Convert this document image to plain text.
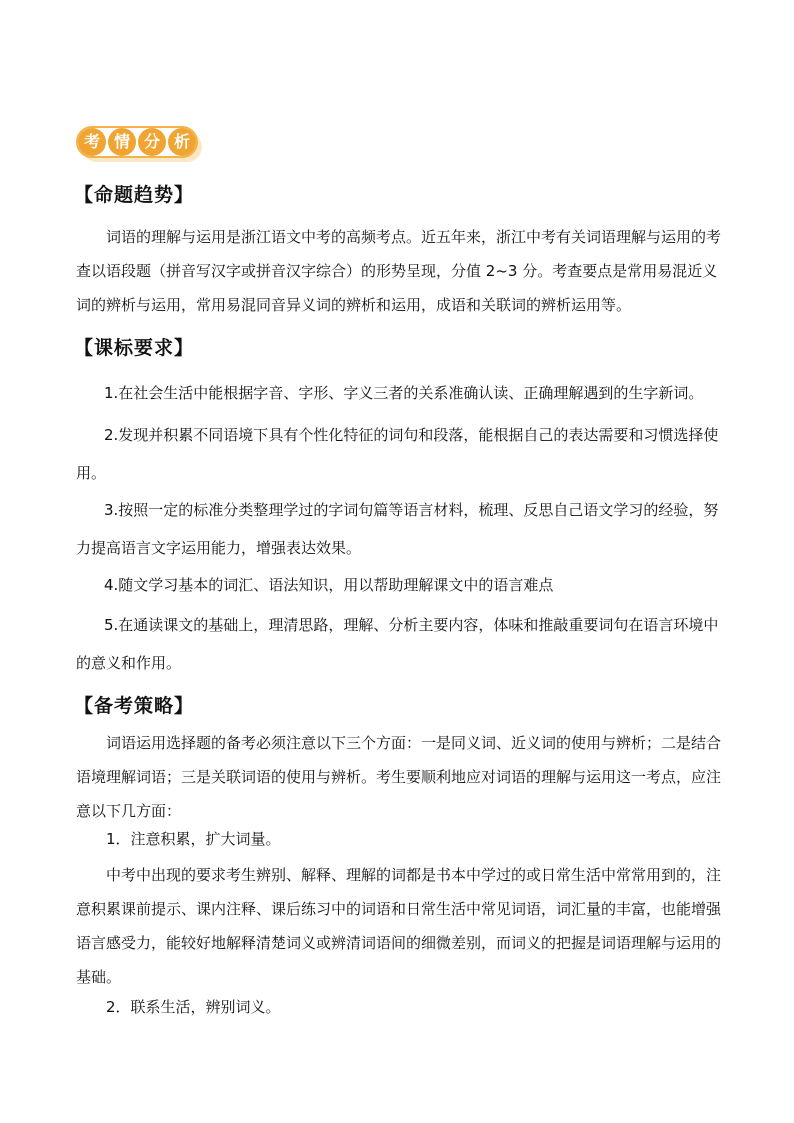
考 情 分 析
【命题趋势】
词语的理解与运用是浙江语文中考的高频考点。近五年来，浙江中考有关词语理解与运用的考查以语段题（拼音写汉字或拼音汉字综合）的形势呈现，分值 2~3 分。考查要点是常用易混近义词的辨析与运用，常用易混同音异义词的辨析和运用，成语和关联词的辨析运用等。
【课标要求】
1.在社会生活中能根据字音、字形、字义三者的关系准确认读、正确理解遇到的生字新词。
2.发现并积累不同语境下具有个性化特征的词句和段落，能根据自己的表达需要和习惯选择使用。
3.按照一定的标准分类整理学过的字词句篇等语言材料，梳理、反思自己语文学习的经验，努力提高语言文字运用能力，增强表达效果。
4.随文学习基本的词汇、语法知识，用以帮助理解课文中的语言难点
5.在通读课文的基础上，理清思路，理解、分析主要内容，体味和推敲重要词句在语言环境中的意义和作用。
【备考策略】
词语运用选择题的备考必须注意以下三个方面：一是同义词、近义词的使用与辨析；二是结合语境理解词语；三是关联词语的使用与辨析。考生要顺利地应对词语的理解与运用这一考点，应注意以下几方面：
1．注意积累，扩大词量。
中考中出现的要求考生辨别、解释、理解的词都是书本中学过的或日常生活中常常用到的，注意积累课前提示、课内注释、课后练习中的词语和日常生活中常见词语，词汇量的丰富，也能增强语言感受力，能较好地解释清楚词义或辨清词语间的细微差别，而词义的把握是词语理解与运用的基础。
2．联系生活，辨别词义。
